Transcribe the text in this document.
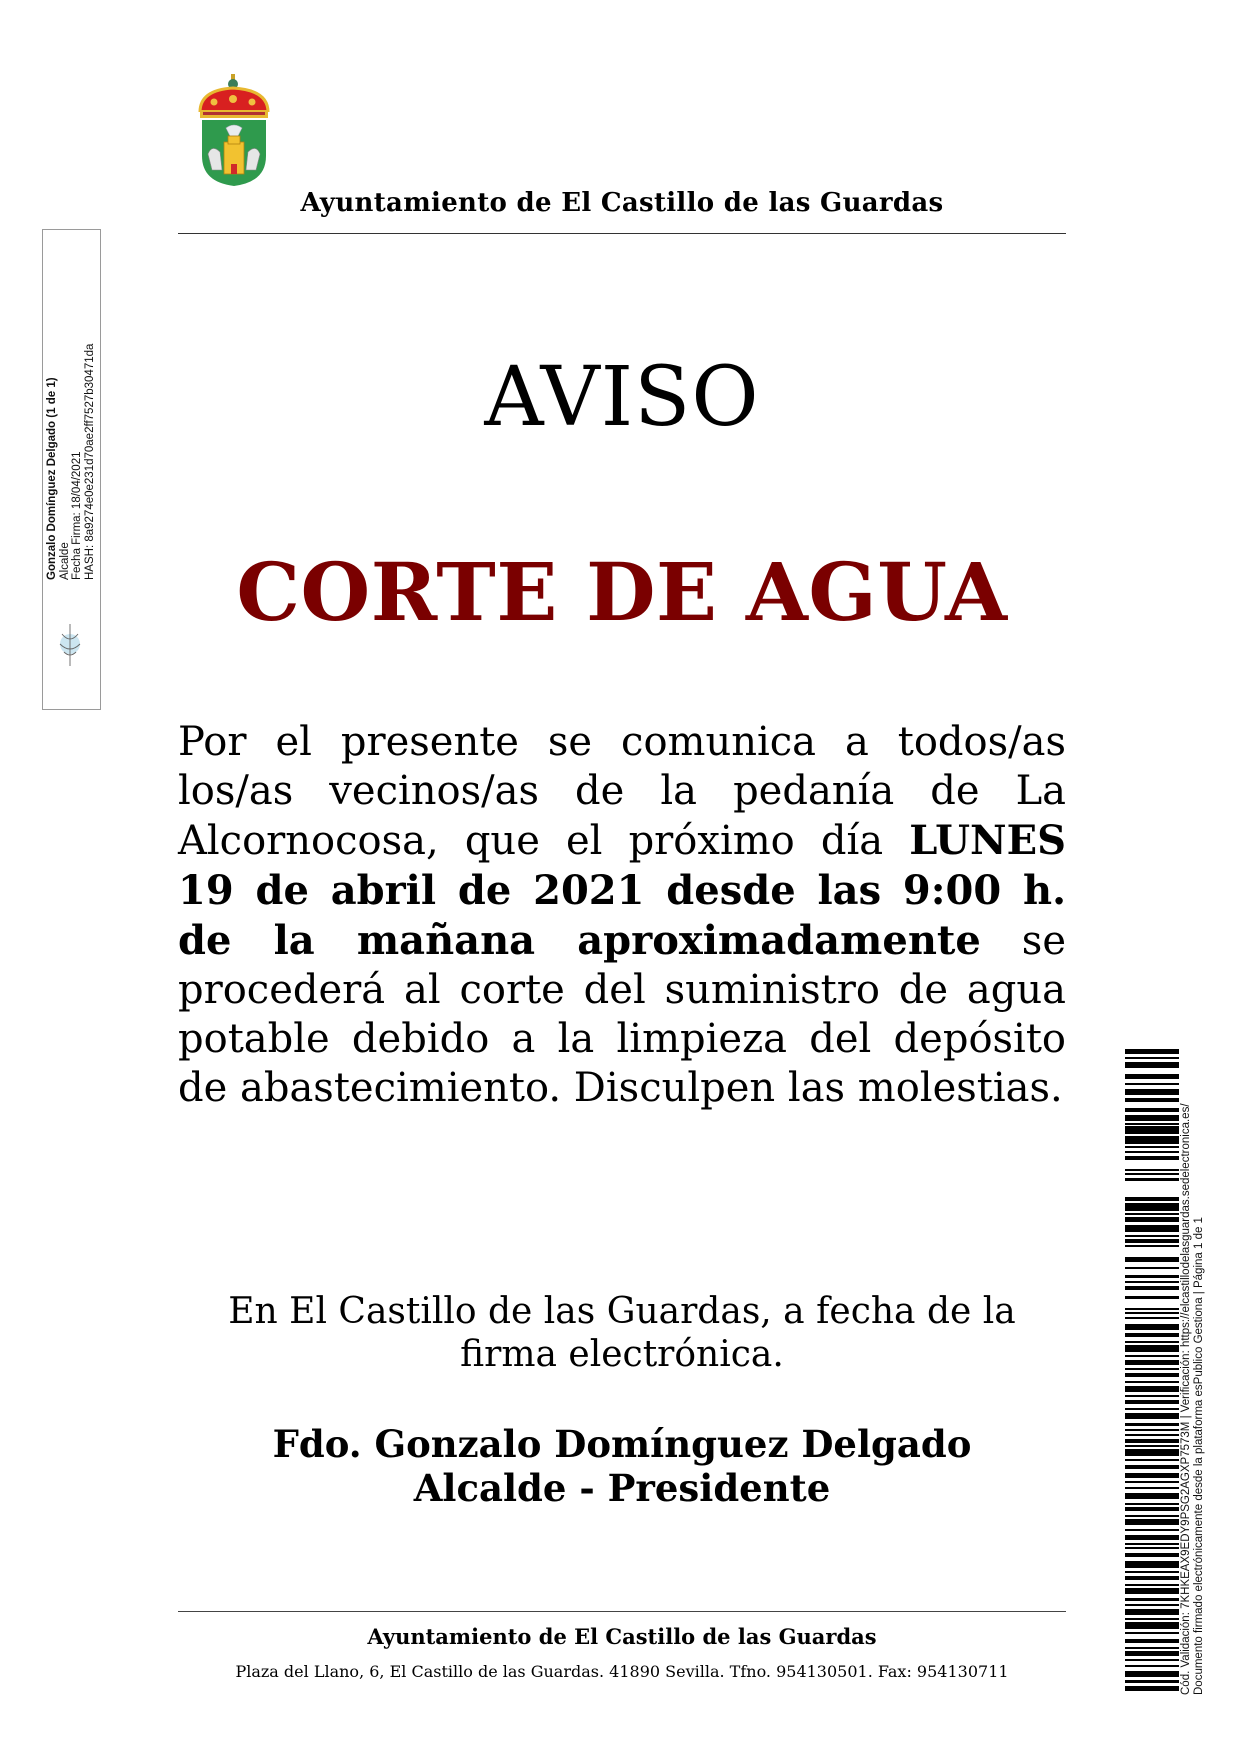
Ayuntamiento de El Castillo de las Guardas
AVISO
CORTE DE AGUA
Por el presente se comunica a todos/as los/as vecinos/as de la pedanía de La Alcornocosa, que el próximo día LUNES 19 de abril de 2021 desde las 9:00 h. de la mañana aproximadamente se procederá al corte del suministro de agua potable debido a la limpieza del depósito de abastecimiento. Disculpen las molestias.
En El Castillo de las Guardas, a fecha de la
firma electrónica.
Fdo. Gonzalo Domínguez Delgado
Alcalde - Presidente
Ayuntamiento de El Castillo de las Guardas
Plaza del Llano, 6, El Castillo de las Guardas. 41890 Sevilla. Tfno. 954130501. Fax: 954130711
Gonzalo Domínguez Delgado (1 de 1) Alcalde Fecha Firma: 18/04/2021 HASH: 8a9274e0e231d70ae2ff7527b30471da
Cód. Validación: 7KHKEAX9EDY9PSG2AGXP7573M | Verificación: https://elcastillodelasguardas.sedelectronica.es/ Documento firmado electrónicamente desde la plataforma esPublico Gestiona | Página 1 de 1
